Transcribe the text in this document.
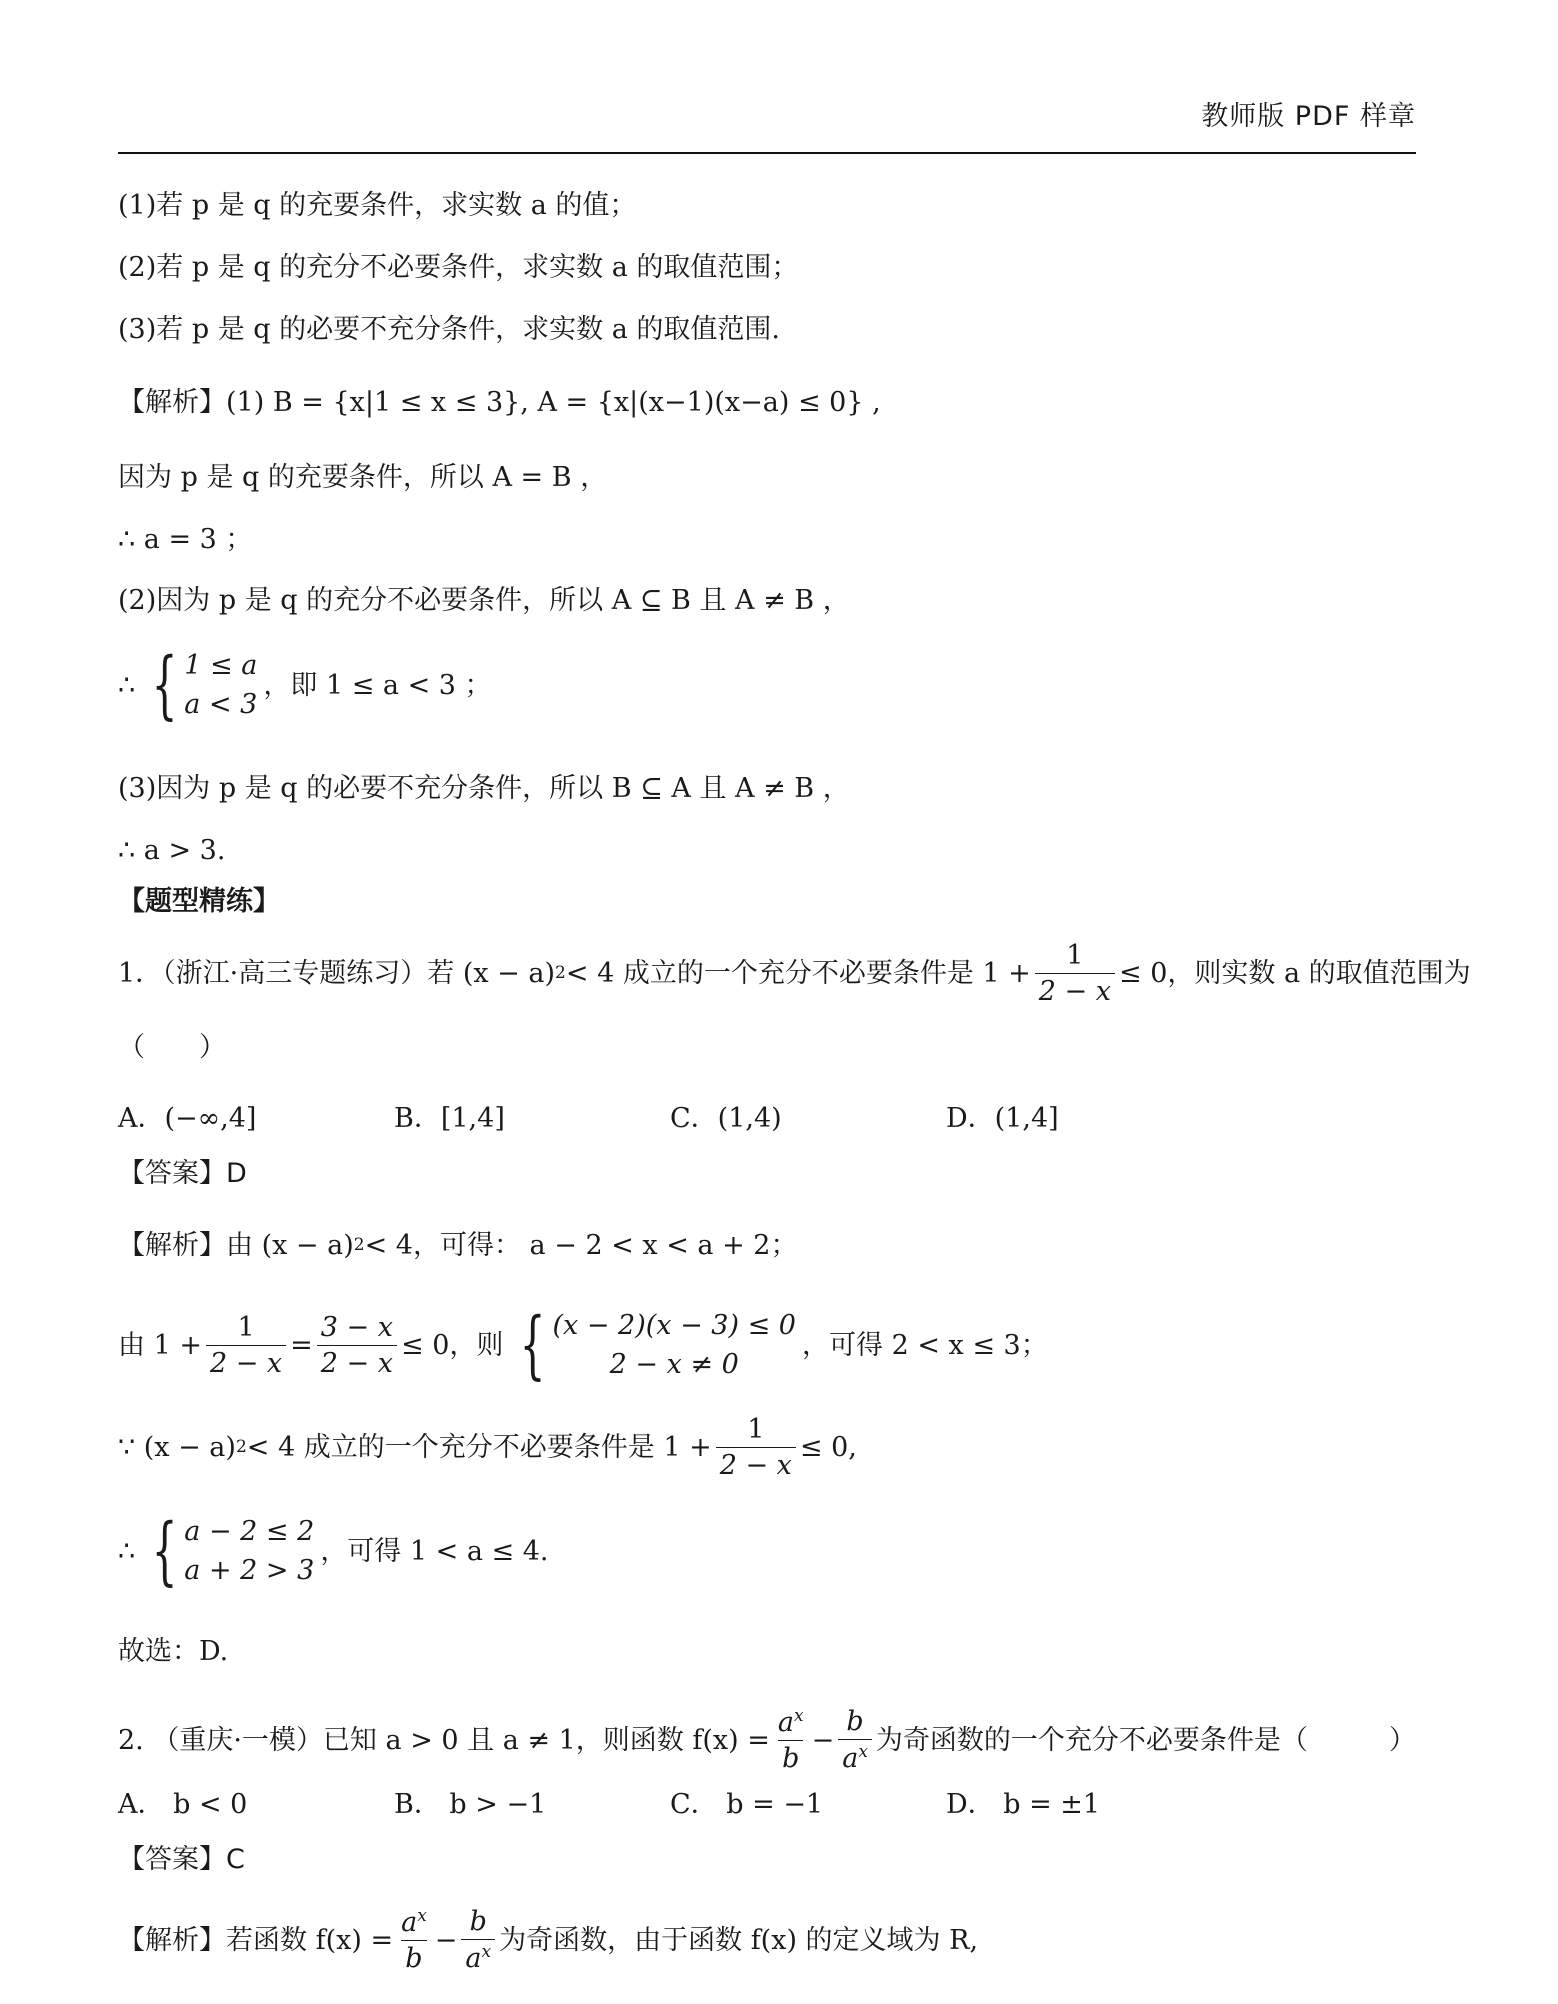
教师版 PDF 样章
(1)若 p 是 q 的充要条件，求实数 a 的值；
(2)若 p 是 q 的充分不必要条件，求实数 a 的取值范围；
(3)若 p 是 q 的必要不充分条件，求实数 a 的取值范围.
【解析】 (1) B = {x|1 ≤ x ≤ 3}, A = {x|(x−1)(x−a) ≤ 0} ,
因为 p 是 q 的充要条件，所以 A = B ，
∴ a = 3 ；
(2)因为 p 是 q 的充分不必要条件，所以 A ⊆ B 且 A ≠ B ，
∴ { 1 ≤ a
a < 3
，即 1 ≤ a < 3 ；
(3)因为 p 是 q 的必要不充分条件，所以 B ⊆ A 且 A ≠ B ，
∴ a > 3.
【题型精练】
1．（浙江·高三专题练习）若 (x − a) 2 < 4 成立的一个充分不必要条件是 $1 + \frac{1}{2 - x} \le 0$，则实数 a 的取值范围为
（　　）
A．(−∞,4]	B．[1,4]	C．(1,4)	D．(1,4]
【答案】D
【解析】由 (x − a) 2 < 4，可得： a − 2 < x < a + 2；
由 $1 + \frac{1}{2 - x} = \frac{3 - x}{2 - x} \le 0$，则 { (x − 2)(x − 3) ≤ 0
2 − x ≠ 0
，可得 2 < x ≤ 3；
∵ (x − a) 2 < 4 成立的一个充分不必要条件是 $1 + \frac{1}{2 - x} \le 0$,
∴ { a − 2 ≤ 2
a + 2 > 3
，可得 1 < a ≤ 4.
故选：D.
2. （重庆·一模）已知 a > 0 且 a ≠ 1，则函数 $f(x) = \frac{a^x}{b} - \frac{b}{a^x}$ 为奇函数的一个充分不必要条件是（　　　）
A． b < 0	B． b > −1	C． b = −1	D． b = ±1
【答案】C
【解析】若函数 $f(x) = \frac{a^x}{b} - \frac{b}{a^x}$ 为奇函数，由于函数 f(x) 的定义域为 R,
